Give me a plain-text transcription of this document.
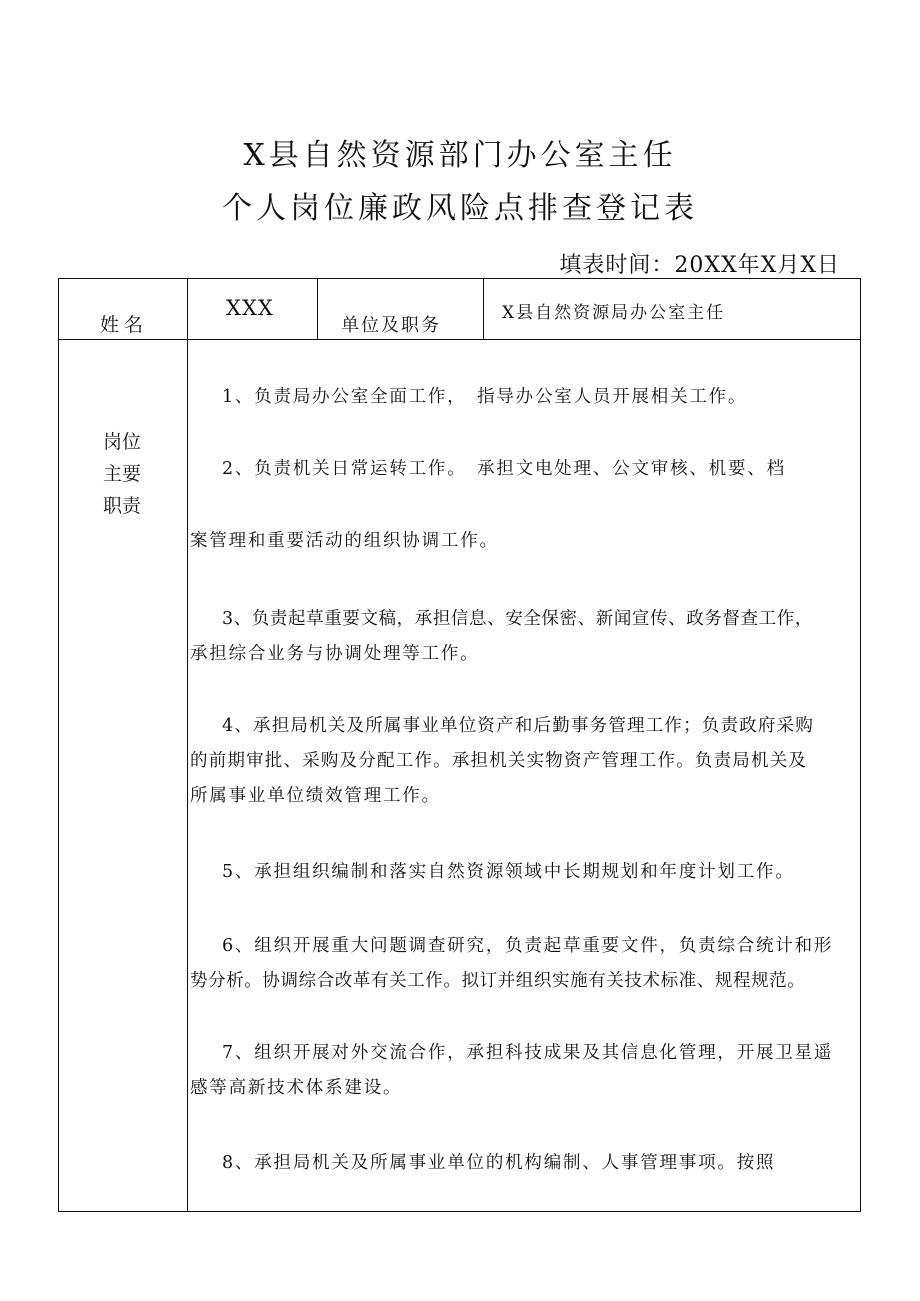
X县自然资源部门办公室主任
个人岗位廉政风险点排查登记表
填表时间：20XX年X月X日
姓名
XXX
单位及职务
X县自然资源局办公室主任
岗位
主要
职责
1、负责局办公室全面工作，　指导办公室人员开展相关工作。
2、负责机关日常运转工作。　承担文电处理、公文审核、机要、档
案管理和重要活动的组织协调工作。
3、负责起草重要文稿，承担信息、安全保密、新闻宣传、政务督查工作，
承担综合业务与协调处理等工作。
4、承担局机关及所属事业单位资产和后勤事务管理工作；负责政府采购
的前期审批、采购及分配工作。承担机关实物资产管理工作。负责局机关及
所属事业单位绩效管理工作。
5、承担组织编制和落实自然资源领域中长期规划和年度计划工作。
6、组织开展重大问题调查研究，负责起草重要文件，负责综合统计和形
势分析。协调综合改革有关工作。拟订并组织实施有关技术标准、规程规范。
7、组织开展对外交流合作，承担科技成果及其信息化管理，开展卫星遥
感等高新技术体系建设。
8、承担局机关及所属事业单位的机构编制、人事管理事项。按照
